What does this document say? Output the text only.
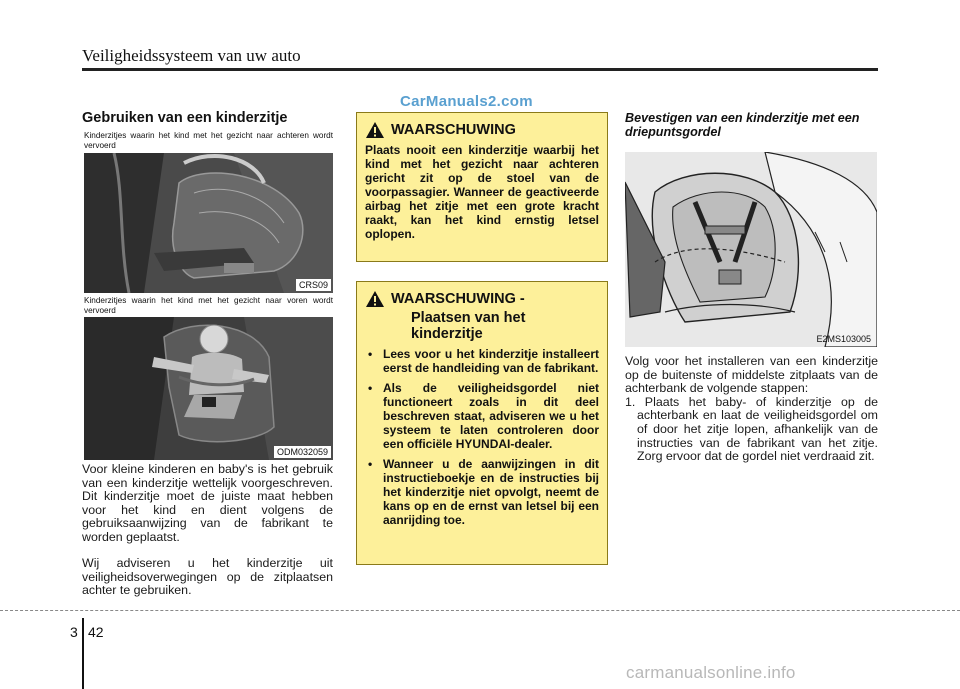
Veiligheidssysteem van uw auto
CarManuals2.com
Gebruiken van een kinderzitje
Kinderzitjes waarin het kind met het gezicht naar achteren wordt vervoerd
CRS09
Kinderzitjes waarin het kind met het gezicht naar voren wordt vervoerd
ODM032059
Voor kleine kinderen en baby's is het gebruik van een kinderzitje wettelijk voorgeschreven. Dit kinderzitje moet de juiste maat hebben voor het kind en dient volgens de gebruiksaanwijzing van de fabrikant te worden geplaatst.
Wij adviseren u het kinderzitje uit veiligheidsoverwegingen op de zitplaatsen achter te gebruiken.
WAARSCHUWING
Plaats nooit een kinderzitje waarbij het kind met het gezicht naar achteren gericht zit op de stoel van de voorpassagier. Wanneer de geactiveerde airbag het zitje met een grote kracht raakt, kan het kind ernstig letsel oplopen.
WAARSCHUWING -
Plaatsen van het kinderzitje
• Lees voor u het kinderzitje installeert eerst de handleiding van de fabrikant.
• Als de veiligheidsgordel niet functioneert zoals in dit deel beschreven staat, adviseren we u het systeem te laten controleren door een officiële HYUNDAI-dealer.
• Wanneer u de aanwijzingen in dit instructieboekje en de instructies bij het kinderzitje niet opvolgt, neemt de kans op en de ernst van letsel bij een aanrijding toe.
Bevestigen van een kinderzitje met een driepuntsgordel
E2MS103005

Volg voor het installeren van een kinderzitje op de buitenste of middelste zitplaats van de achterbank de volgende stappen:

1. Plaats het baby- of kinderzitje op de achterbank en laat de veiligheidsgordel om of door het zitje lopen, afhankelijk van de instructies van de fabrikant van het zitje. Zorg ervoor dat de gordel niet verdraaid zit.
3 42
carmanualsonline.info
